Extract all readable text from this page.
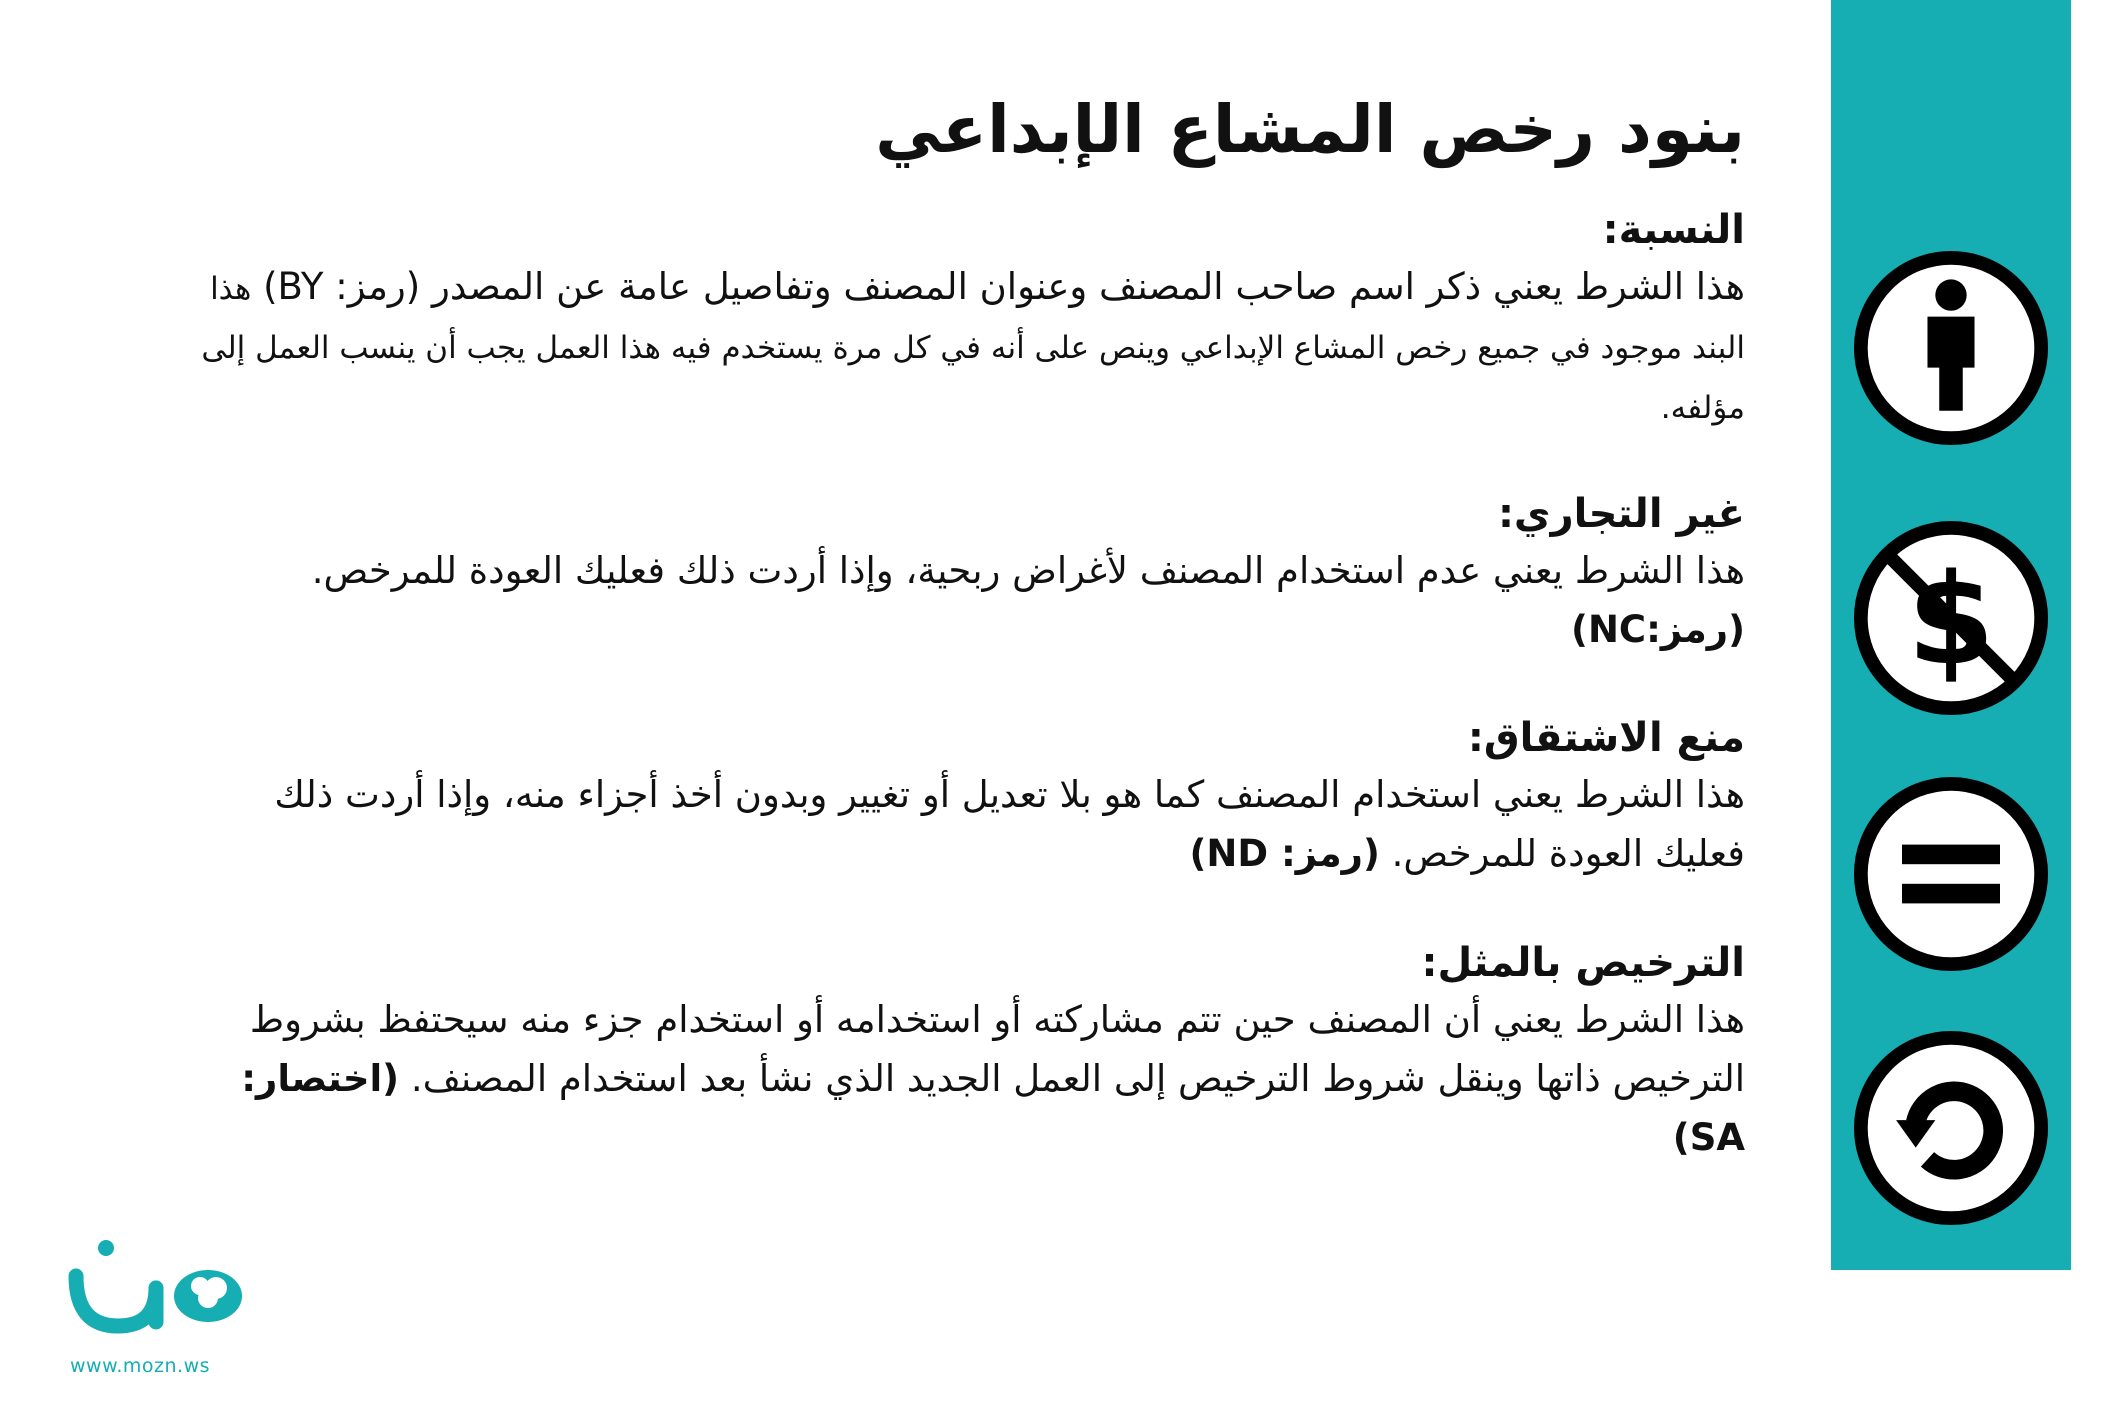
$
بنود رخص المشاع الإبداعي

النسبة:

هذا الشرط يعني ذكر اسم صاحب المصنف وعنوان المصنف وتفاصيل عامة عن المصدر (رمز: BY) هذا البند موجود في جميع رخص المشاع الإبداعي وينص على أنه في كل مرة يستخدم فيه هذا العمل يجب أن ينسب العمل إلى مؤلفه.

غير التجاري:

هذا الشرط يعني عدم استخدام المصنف لأغراض ربحية، وإذا أردت ذلك فعليك العودة للمرخص. (رمز:NC)

منع الاشتقاق:

هذا الشرط يعني استخدام المصنف كما هو بلا تعديل أو تغيير وبدون أخذ أجزاء منه، وإذا أردت ذلك فعليك العودة للمرخص. (رمز: ND)

الترخيص بالمثل:

هذا الشرط يعني أن المصنف حين تتم مشاركته أو استخدامه أو استخدام جزء منه سيحتفظ بشروط الترخيص ذاتها وينقل شروط الترخيص إلى العمل الجديد الذي نشأ بعد استخدام المصنف. (اختصار: SA)

www.mozn.ws
